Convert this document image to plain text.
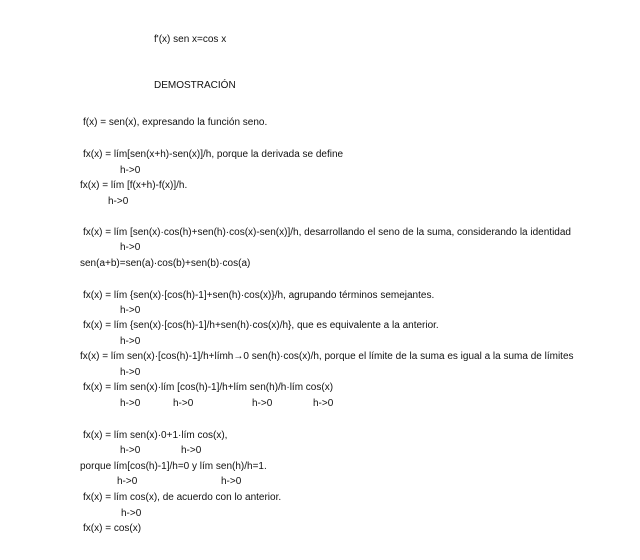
f'(x) sen x=cos x
DEMOSTRACIÓN
f(x) = sen(x), expresando la función seno.
fx(x) = lím[sen(x+h)-sen(x)]/h, porque la derivada se define
h->0
fx(x) = lím [f(x+h)-f(x)]/h.
h->0
fx(x) = lím [sen(x)·cos(h)+sen(h)·cos(x)-sen(x)]/h, desarrollando el seno de la suma, considerando la identidad
h->0
sen(a+b)=sen(a)·cos(b)+sen(b)·cos(a)
fx(x) = lím {sen(x)·[cos(h)-1]+sen(h)·cos(x)}/h, agrupando términos semejantes.
h->0
fx(x) = lím {sen(x)·[cos(h)-1]/h+sen(h)·cos(x)/h}, que es equivalente a la anterior.
h->0
fx(x) = lím sen(x)·[cos(h)-1]/h+límh→0 sen(h)·cos(x)/h, porque el límite de la suma es igual a la suma de límites
h->0
fx(x) = lím sen(x)·lím [cos(h)-1]/h+lím sen(h)/h·lím cos(x)
h->0	h->0	h->0	h->0
fx(x) = lím sen(x)·0+1·lím cos(x),
h->0	h->0
porque lím[cos(h)-1]/h=0 y lím sen(h)/h=1.
h->0	h->0
fx(x) = lím cos(x), de acuerdo con lo anterior.
h->0
fx(x) = cos(x)
